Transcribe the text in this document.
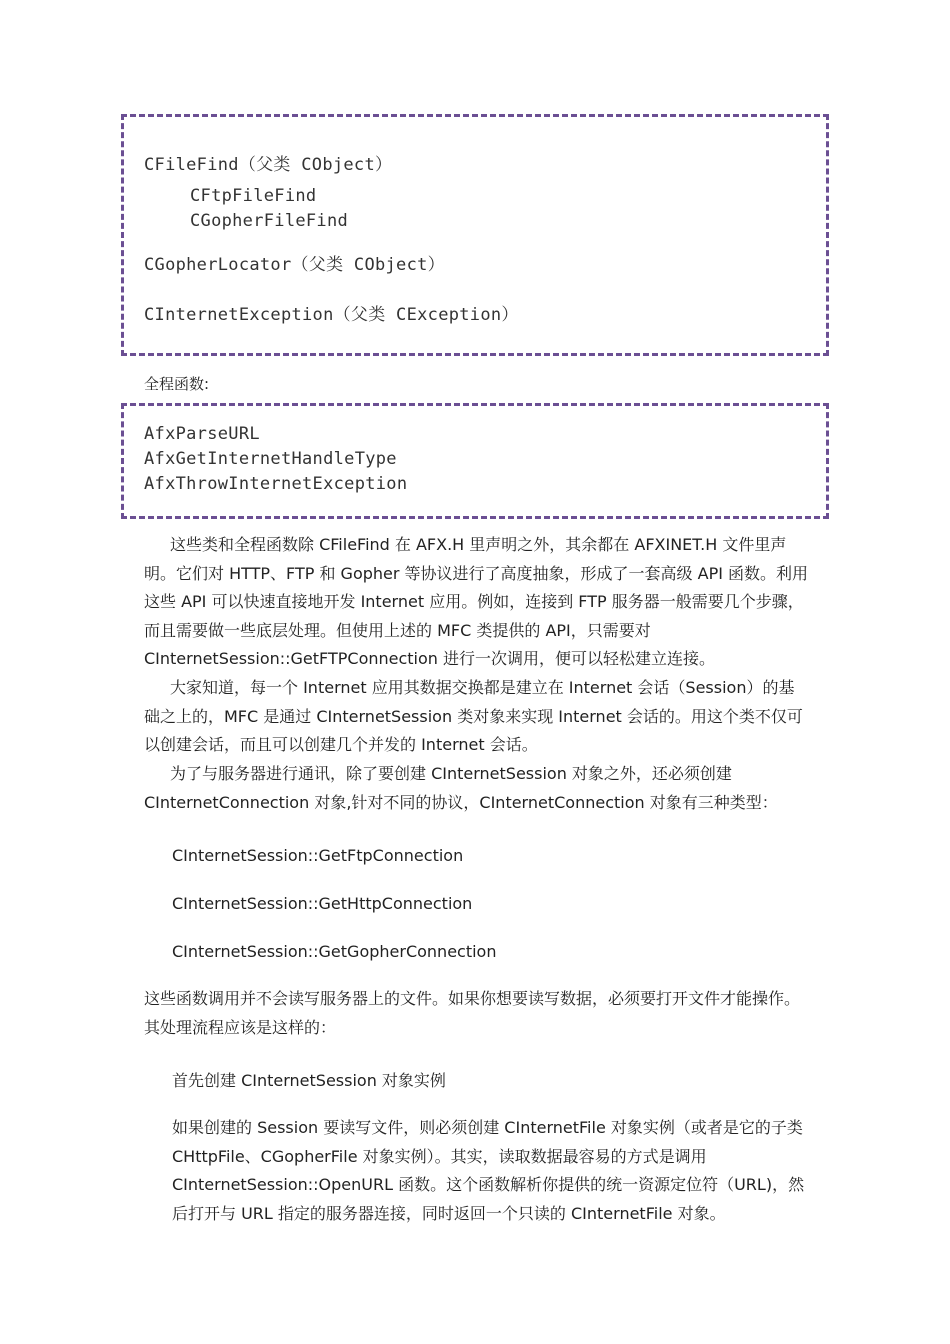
CFileFind（父类 CObject）
CFtpFileFind
CGopherFileFind
CGopherLocator（父类 CObject）
CInternetException（父类 CException）
全程函数:
AfxParseURL
AfxGetInternetHandleType
AfxThrowInternetException

这些类和全程函数除 CFileFind 在 AFX.H 里声明之外，其余都在 AFXINET.H 文件里声明。它们对 HTTP、FTP 和 Gopher 等协议进行了高度抽象，形成了一套高级 API 函数。利用这些 API 可以快速直接地开发 Internet 应用。例如，连接到 FTP 服务器一般需要几个步骤，而且需要做一些底层处理。但使用上述的 MFC 类提供的 API，只需要对 CInternetSession::GetFTPConnection 进行一次调用，便可以轻松建立连接。

大家知道，每一个 Internet 应用其数据交换都是建立在 Internet 会话（Session）的基础之上的，MFC 是通过 CInternetSession 类对象来实现 Internet 会话的。用这个类不仅可以创建会话，而且可以创建几个并发的 Internet 会话。

为了与服务器进行通讯，除了要创建 CInternetSession 对象之外，还必须创建 CInternetConnection 对象,针对不同的协议，CInternetConnection 对象有三种类型：

CInternetSession::GetFtpConnection
CInternetSession::GetHttpConnection
CInternetSession::GetGopherConnection

这些函数调用并不会读写服务器上的文件。如果你想要读写数据，必须要打开文件才能操作。其处理流程应该是这样的：

首先创建 CInternetSession 对象实例

如果创建的 Session 要读写文件，则必须创建 CInternetFile 对象实例（或者是它的子类 CHttpFile、CGopherFile 对象实例）。其实，读取数据最容易的方式是调用 CInternetSession::OpenURL 函数。这个函数解析你提供的统一资源定位符（URL)，然后打开与 URL 指定的服务器连接，同时返回一个只读的 CInternetFile 对象。
